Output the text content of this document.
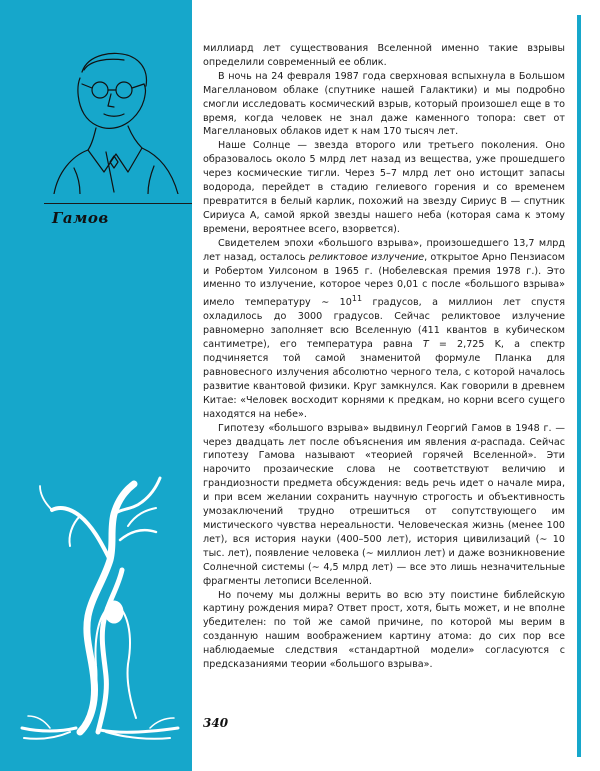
Гамов

миллиард лет существования Вселенной именно такие взрывы определили современный ее облик.

В ночь на 24 февраля 1987 года сверхновая вспыхнула в Большом Магеллановом облаке (спутнике нашей Галактики) и мы подробно смогли исследовать космический взрыв, который произошел еще в то время, когда человек не знал даже каменного топора: свет от Магеллановых облаков идет к нам 170 тысяч лет.

Наше Солнце — звезда второго или третьего поколения. Оно образовалось около 5 млрд лет назад из вещества, уже прошедшего через космические тигли. Через 5–7 млрд лет оно истощит запасы водорода, перейдет в стадию гелиевого горения и со временем превратится в белый карлик, похожий на звезду Сириус B — спутник Сириуса A, самой яркой звезды нашего неба (которая сама к этому времени, вероятнее всего, взорвется).

Свидетелем эпохи «большого взрыва», произошедшего 13,7 млрд лет назад, осталось реликтовое излучение, открытое Арно Пензиасом и Робертом Уилсоном в 1965 г. (Нобелевская премия 1978 г.). Это именно то излучение, которое через 0,01 с после «большого взрыва» имело температуру ∼ $10^{11}$ градусов, а миллион лет спустя охладилось до 3000 градусов. Сейчас реликтовое излучение равномерно заполняет всю Вселенную (411 квантов в кубическом сантиметре), его температура равна T = 2,725 K, а спектр подчиняется той самой знаменитой формуле Планка для равновесного излучения абсолютно черного тела, с которой началось развитие квантовой физики. Круг замкнулся. Как говорили в древнем Китае: «Человек восходит корнями к предкам, но корни всего сущего находятся на небе».

Гипотезу «большого взрыва» выдвинул Георгий Гамов в 1948 г. — через двадцать лет после объяснения им явления α-распада. Сейчас гипотезу Гамова называют «теорией горячей Вселенной». Эти нарочито прозаические слова не соответствуют величию и грандиозности предмета обсуждения: ведь речь идет о начале мира, и при всем желании сохранить научную строгость и объективность умозаключений трудно отрешиться от сопутствующего им мистического чувства нереальности. Человеческая жизнь (менее 100 лет), вся история науки (400–500 лет), история цивилизаций (∼ 10 тыс. лет), появление человека (∼ миллион лет) и даже возникновение Солнечной системы (∼ 4,5 млрд лет) — все это лишь незначительные фрагменты летописи Вселенной.

Но почему мы должны верить во всю эту поистине библейскую картину рождения мира? Ответ прост, хотя, быть может, и не вполне убедителен: по той же самой причине, по которой мы верим в созданную нашим воображением картину атома: до сих пор все наблюдаемые следствия «стандартной модели» согласуются с предсказаниями теории «большого взрыва».

340
